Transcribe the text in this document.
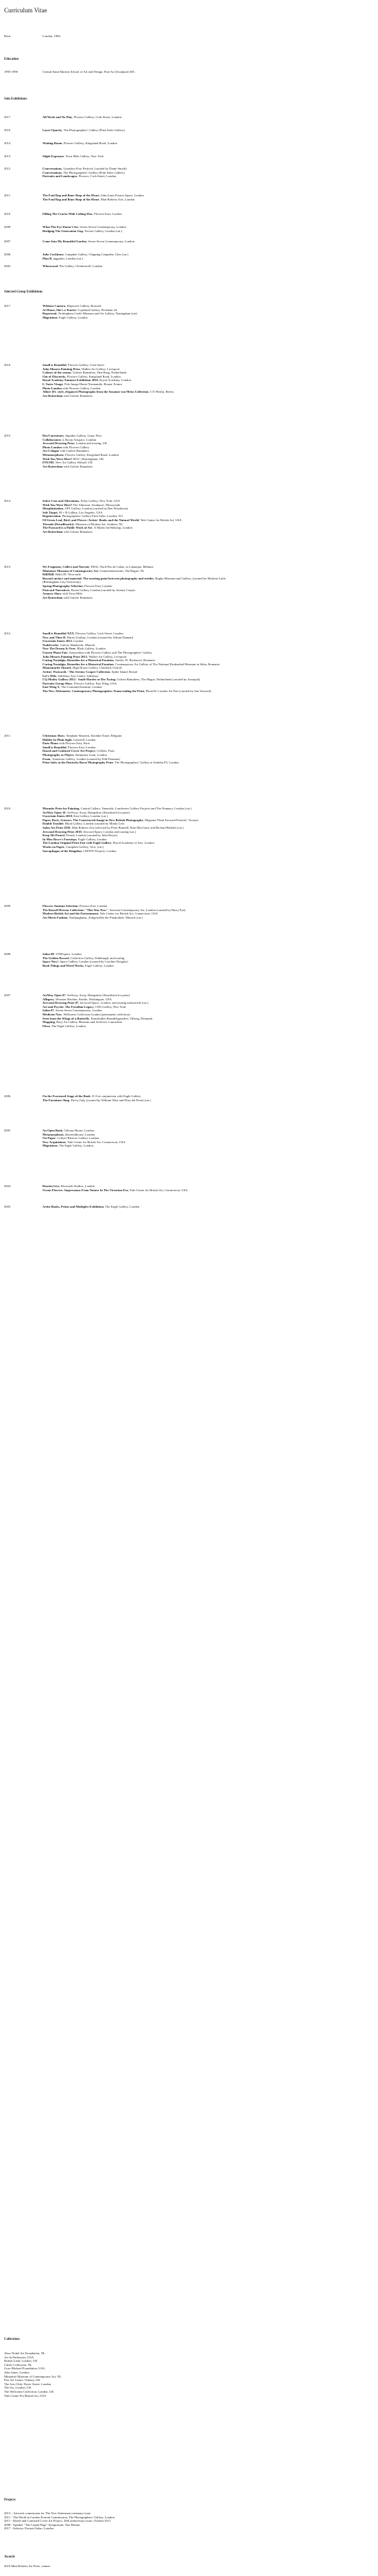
Curriculum Vitae
Born	London, 1966
Education
1993-1996	Central Saint Martins School of Art and Design. Fine Art (Sculpture) BA

Solo Exhibitions
2017	All Work and No Play, Flowers Gallery, Cork Street, London

2016	Layer Opacity, The Photographers' Gallery (Print Sales Gallery)

2014	Waiting Room, Flowers Gallery, Kingsland Road, London

2013	Slight Exposure, Yossi Milo Gallery, New York

2012	Conversations, Lianzhou Foto Festival, (curated by Diane Smyth)

Conversations, The Photographers' Gallery (Print Sales Gallery)

Portraits and Landscapes, Flowers, Cork Street, London

2011	The Foul Rag and Bone Shop of the Heart, John Jones Project Space, London

The Foul Rag and Bone Shop of the Heart, Matt Roberts Arts, London

2010	Filling The Cracks With Ceiling Wax, Flowers East, London

2008	What The Eye Doesn't See, Seven Seven Contemporary, London

Bridging The Generation Gap, Forster Gallery, London (cat.)

2007	Come Into My Beautiful Garden, Seven Seven Contemporary, London

2006	Julie Cockburn, Campden Gallery, Chipping Campden, Glos (cat.)

Plan B, juggalart, London (cat.)

2002	Whenwood, Pea Gallery, Clerkenwell, London

Selected Group Exhibitions
2017	Without Camera, Hopstreet Gallery, Brussels

At Home, She's a Tourist, Copeland Gallery, Peckham 24

Repertrait, Nottingham Castle Museum and Art Gallery, Nottingham (cat)

Migrations, Eagle Gallery, London

2016	Small is Beautiful, Flowers Gallery, Cork Street

John Moores Painting Prize, Walker Art Gallery, Liverpool

Colours of the season, Galerie Ramakers, Den Haag, Netherlands

Out of Obscurity, Flowers Gallery, Kingsland Road, London

Royal Academy Summer Exhibition 2016, Royal Academy, London

L'Autre Visage, Pole Image Haute-Normandie, Rouen, France

Photo London with Flowers Gallery, London

Allure [Fr. style, elegance] Photographs from the Susanne von Meiss Collection, C/O Berlin, Berlin

Art Rotterdam with Galerie Ramakers

2015	Des/Conexiones, Impakto Gallery, Lima, Peru

Collaborators 4, Room Artspace, London

Jerwood Drawing Prize, London and touring, UK

Photo London with Flowers Gallery

Art Cologne with Galerie Ramakers

Metamorphosis, Flowers Gallery, Kingsland Road, London

Wish You Were Here? MAC, Birmingham, UK

FOUND, New Art Gallery Walsall, UK

Art Rotterdam with Galerie Ramakers

2014	Select Cuts and Alterations, Foley Gallery, New York, USA

Wish You Were Here? The Atkinson, Southport, Merseyside

Morphisization, APT Gallery, London (curated by Ben Woodeson)

Soft Target, M + B Gallery, Los Angeles, USA

Regeneration, Photographers' Gallery Print Sales, London, W1

Of Green Leaf, Bird, and Flower: Artists' Books and the Natural World, Yale Center for British Art, USA

Threads (Dreadbrackt), Museum of Modern Art, Arnhem, NL

The Postcard is a Public Work of Art, X Marks the Bökship, London

Art Rotterdam with Galerie Ramakers

2013	We Fragment, Collect and Narrate, FRAC Nord-Pas de Calais, at Labanque, Béthune

Miniature Museum of Contemporary Art, Gemeentemuseum, The Hague, NL

Riff/Riff, Baltic39, Newcastle

Beyond surface and material: The meeting point between photography and textiles, Rugby Museum and Gallery, (curated by Marlene Little (Birmingham City University)

Spring Photography Selection, Flowers East, London

Postcard Narratives, Room Gallery, London (curated by Jeremy Cooper

Armory Show with Yossi Milo

Art Rotterdam with Galerie Ramakers

2012	Small is Beautiful XXX, Flowers Gallery, Cork Street, London

Now and Then II, Harris Lindsay, London (curated by Adrian Dannatt)

Uncertain States 2012, London

Nadelwerke, Galerie Handwerk, Munich

Now The Dream Is Over, Blyth Gallery, London

Unseen Photo Fair, Amsterdam with Flowers Gallery and The Photographers' Gallery

John Moores Painting Prize 2012, Walker Art Gallery, Liverpool

Curing Nostalgia, Remedies for a Historical Emotion, Atelier 35, Bucharest, Romania

Curing Nostalgia, Remedies for a Historical Emotion, Contemporary Art Gallery of The National Brukenthal Museum in Sibiu, Romania

Momentarily Absurd, High House Gallery, Clanfield, Oxford

Artists' Postcards - The Jeremy Cooper Collection, Spike Island, Bristol

Let's Wife, Salisbury Arts Centre, Salisbury

CQ Motley Gallery 2012 - Smile Harder or Die Trying, Galerie Ramakers, The Hague, Netherlands (curated by Jonoqual)

Portraits Group Show, Flowers Gallery, East Wing, USA

East Wing X, The Courtauld Institute, London

The New Alchemists: Contemporary Photographers Transcending the Print, Photo50, London Art Fair (curated by Sue Steward)

2011	Christmas Show, Stephane Simoens, Knokke-Zoute, Belgium

Hidden In Plain Sight, Galerie8, London

Paris Photo with Flowers East, Paris

Small is Beautiful, Flowers East, London

Dazed and Confused Cover Art Project, Collette, Paris

Photography as Object, Summaria Lunn, London

Exam, Transition Gallery, London (curated by Edd Pearman)

Print Sales at the Deutsche Borse Photography Prize, The Photographers' Gallery at Ambika P3, London

2010	Marmite Prize for Painting, Central Gallery, Tameside, Lanchester Gallery Projects and The Nunnery, London (cat.)

ArtWay Open 10, ArtSway, Sway, Hampshire (Shortlisted for prize)

Uncertain States 2010, East Gallery, London (cat.)

Paper, Rock, Scissors: The Constructed Image in New British Photography, Magenta 'Flash Forward Festival', Toronto

Double Trouble, Blyth Gallery, London (curated by Mindy Lee)

Salon Art Prize 2010, Matt Roberts Arts (selected by Peter Bonnell, Kate MacGarry and Richard Birkett) (cat.)

Jerwood Drawing Prize 2010, Jerwood Space, London and touring (cat.)

Keep Me Posted, Posted, London (curated by Julia Royse)

In Miss Rowe's Footsteps, Eagle Gallery, London

The London Original Print Fair with Eagle Gallery, Royal Academy of Arts, London

Works on Paper, Campden Gallery, Glos, (cat.)

Sarcophagus of the Kingdom, I.MAYE Projects, London

2009	Flowers Autumn Selection, Flowers East, London

The Russell Herron Collection: "This Was Now", Sartorial Contemporary Art, London (curated by Harry Pye)

Modern British Art and the Environment, Yale Center for British Art, Connecticut, USA

Art Meets Fashion, Nadjungkunst, Zeilgewölbe der Pinakothek, Munich (cat.)

2008	Salon 08, VINEspace, London

The Golden Record, Collective Gallery, Edinburgh, and touring

Space Now!, Space Gallery, London (curated by Caroline Douglas)

Book Things and Word Works, Eagle Gallery, London

2007	ArtWay Open 07, ArtSway, Sway, Hampshire (Shortlisted for prize)

Allegory, Winston Wachter, Seattle, Washington, USA

Jerwood Drawing Prize 07, Jerwood Space, London, and touring nationwide (cat.)

Art and Psyche: The Freudian Legacy, CDS Gallery, New York

Salon 07, Seven Seven Contemporary, London

Medicine Now, Wellcome Collection London (permanent collection)

Seen from the Wings of a Butterfly, Kunsthallen Brandelsgaarden, Vilborg, Denmark

Mapping, Bury Art Gallery Museum and Archives, Lancashire

Flora, The Eagle Gallery, London

2006	On the Fractured Stage of the Book, ICA in conjunction with Eagle Gallery

The Furniture Shop, Pavia, Italy (curated by William West and Elisa del Prete) (cat.)

2005	An Open Book, Orleans House, London

Metamorphosis, theoretalhouse, London

On Paper, Collyer-Bristow Gallery, London

New Acquisitions, Yale Center for British Art, Connecticut, USA

Migrations, The Eagle Gallery, London

2004	Rosetta Live, Riverside Studios, London

Ocean Flowers: Impressions From Nature In The Victorian Era, Yale Center for British Art, Connecticut, USA

2003	Artist Books, Prints and Multiples Exhibition, The Eagle Gallery, London

Collections

Akzo Nobel Art Foundation, NL

Art In Embassies, USA

British Land, London, UK

Caldic Collection, NL

Goss-Michael Foundation, USA

John Jones, London

Miniature Museum of Contemporary Art, NL

Pier Art Centre, Orkney, UK

The Arts Club, Dover Street, London

The Ivy, London, UK

The Wellcome Collection, London, UK

Yale Center For British Art, USA

Projects

2013 – Artwork commission for The New Statesman centenary issue

2011 - The World in London Portrait Commission, The Photographers' Gallery, London

2011 - Dazed and Confused Cover Art Project, 20th anniversary issue, October 2011

2008 - Speaker "The Liquid Page" Symposium, Tate Britain

2017 - Selector, Portrait Salon, London

Awards
2010 Matt Roberts Art Prize, winner
